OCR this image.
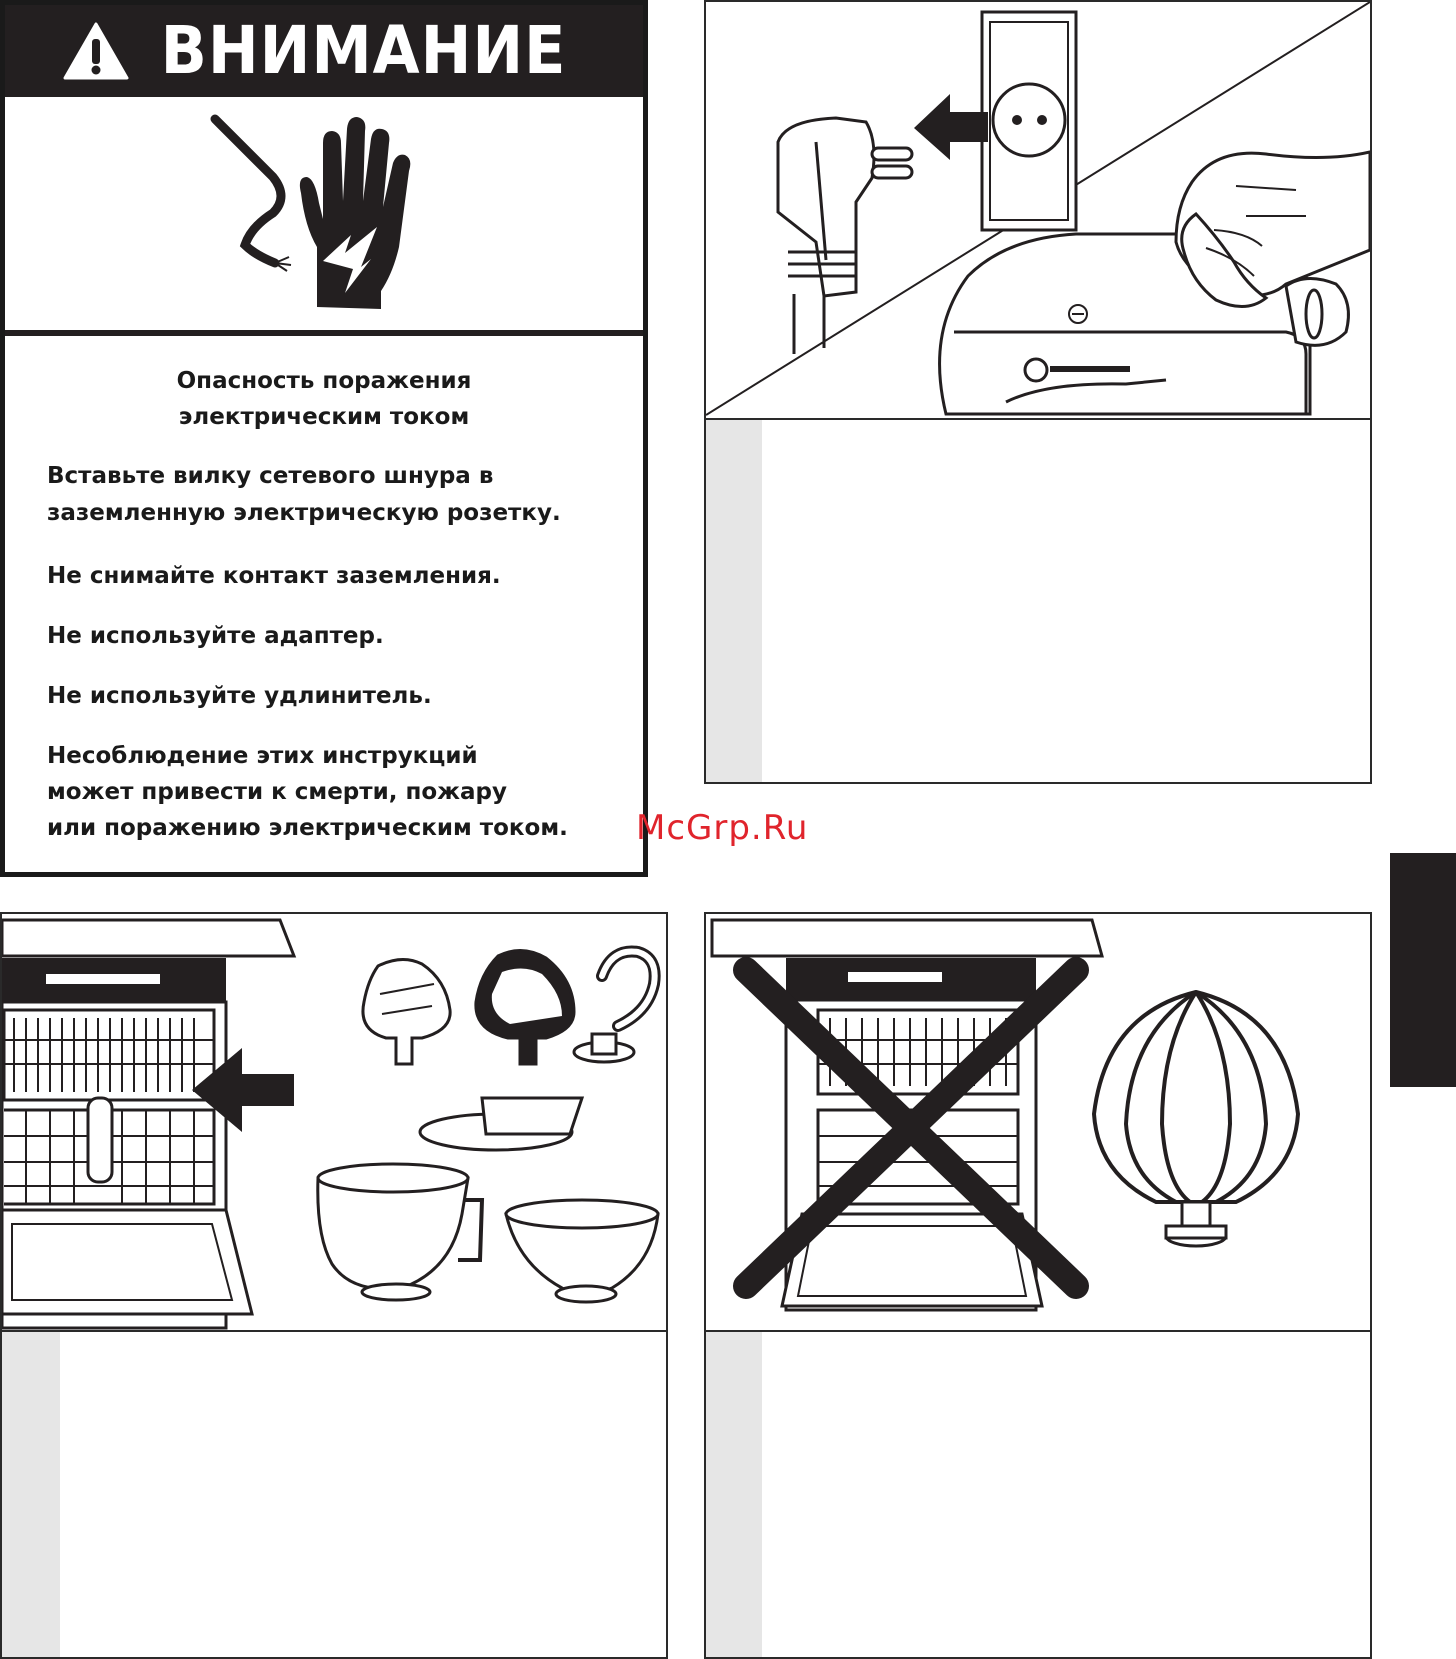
ВНИМАНИЕ
Опасность поражения
электрическим током
Вставьте вилку сетевого шнура в
заземленную электрическую розетку.
Не снимайте контакт заземления.
Не используйте адаптер.
Не используйте удлинитель.
Несоблюдение этих инструкций
может привести к смерти, пожару
или поражению электрическим током.	McGrp.Ru
